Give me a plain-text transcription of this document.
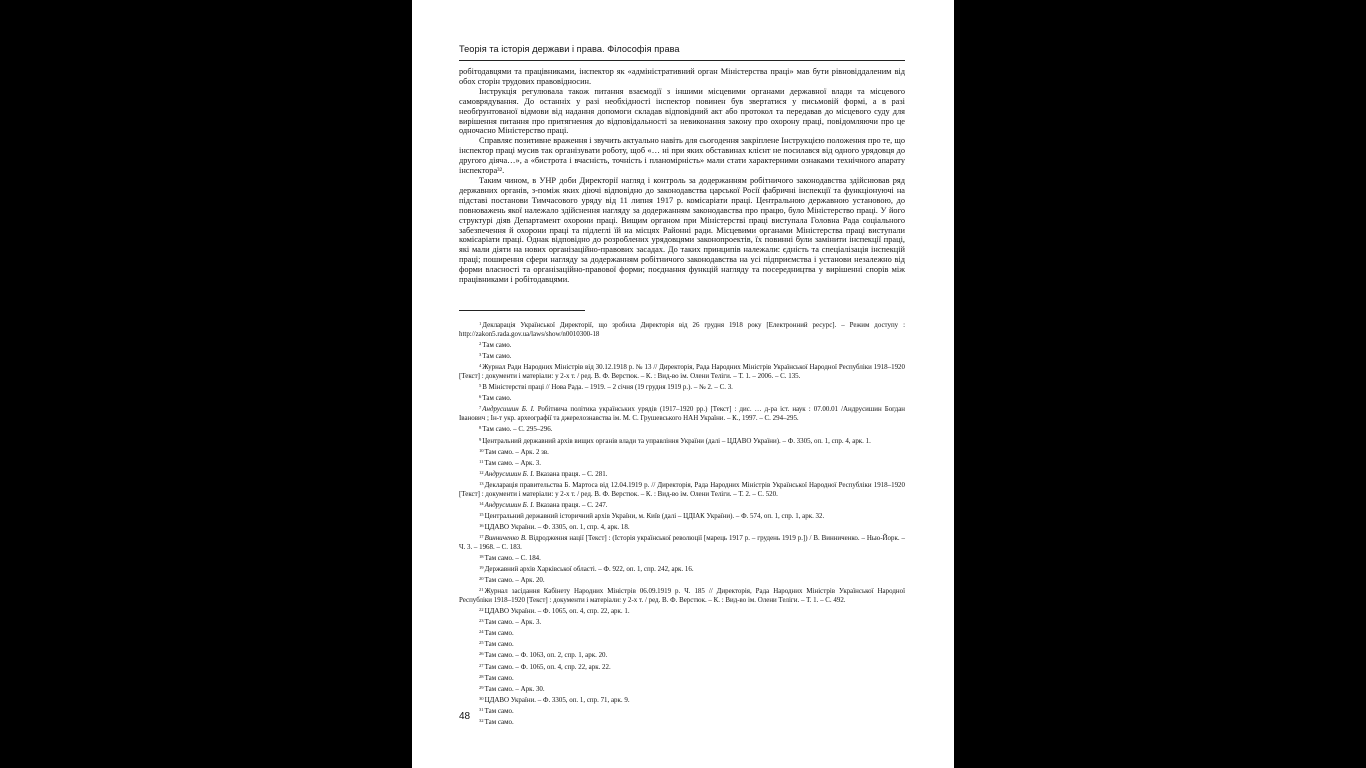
Теорія та історія держави і права. Філософія права

робітодавцями та працівниками, інспектор як «адміністративний орган Міністерства праці» мав бути рівновіддаленим від обох сторін трудових правовідносин.

Інструкція регулювала також питання взаємодії з іншими місцевими органами державної влади та місцевого самоврядування. До останніх у разі необхідності інспектор повинен був звертатися у письмовій формі, а в разі необґрунтованої відмови від надання допомоги складав відповідний акт або протокол та передавав до місцевого суду для вирішення питання про притягнення до відповідальності за невиконання закону про охорону праці, повідомляючи про це одночасно Міністерство праці.

Справляє позитивне враження і звучить актуально навіть для сьогодення закріплене Інструкцією положення про те, що інспектор праці мусив так організувати роботу, щоб «… ні при яких обставинах клієнт не посилався від одного урядовця до другого діяча…», а «бистрота і вчасність, точність і планомірність» мали стати характерними ознаками технічного апарату інспектора³².

Таким чином, в УНР доби Директорії нагляд і контроль за додержанням робітничого законодавства здійснював ряд державних органів, з-поміж яких діючі відповідно до законодавства царської Росії фабричні інспекції та функціонуючі на підставі постанови Тимчасового уряду від 11 липня 1917 р. комісаріати праці. Центральною державною установою, до повноважень якої належало здійснення нагляду за додержанням законодавства про працю, було Міністерство праці. У його структурі діяв Департамент охорони праці. Вищим органом при Міністерстві праці виступала Головна Рада соціального забезпечення й охорони праці та підлеглі їй на місцях Районні ради. Місцевими органами Міністерства праці виступали комісаріати праці. Однак відповідно до розроблених урядовцями законопроектів, їх повинні були замінити інспекції праці, які мали діяти на нових організаційно-правових засадах. До таких принципів належали: єдність та спеціалізація інспекцій праці; поширення сфери нагляду за додержанням робітничого законодавства на усі підприємства і установи незалежно від форми власності та організаційно-правової форми; поєднання функцій нагляду та посередництва у вирішенні спорів між працівниками і робітодавцями.

$^1$Декларація Української Директорії, що зробила Директорія від 26 грудня 1918 року [Електронний ресурс]. – Режим доступу : http://zakon5.rada.gov.ua/laws/show/n0010300-18

$^2$Там само.

$^3$Там само.

$^4$Журнал Ради Народних Міністрів від 30.12.1918 р. № 13 // Директорія, Рада Народних Міністрів Української Народної Республіки 1918–1920 [Текст] : документи і матеріали: у 2-х т. / ред. В. Ф. Верстюк. – К. : Вид-во ім. Олени Теліги. – Т. 1. – 2006. – С. 135.

$^5$В Міністерстві праці // Нова Рада. – 1919. – 2 січня (19 грудня 1919 р.). – № 2. – С. 3.

$^6$Там само.

$^7$Андрусишин Б. І. Робітнича політика українських урядів (1917–1920 рр.) [Текст] : дис. … д-ра іст. наук : 07.00.01 /Андрусишин Богдан Іванович ; Ін-т укр. археографії та джерелознавства ім. М. С. Грушевського НАН України. – К., 1997. – С. 294–295.

$^8$Там само. – С. 295–296.

$^9$Центральний державний архів вищих органів влади та управління України (далі – ЦДАВО України). – Ф. 3305, оп. 1, спр. 4, арк. 1.

$^{10}$Там само. – Арк. 2 зв.

$^{11}$Там само. – Арк. 3.

$^{12}$Андрусишин Б. І. Вказана праця. – С. 281.

$^{13}$Декларація правительства Б. Мартоса від 12.04.1919 р. // Директорія, Рада Народних Міністрів Української Народної Республіки 1918–1920 [Текст] : документи і матеріали: у 2-х т. / ред. В. Ф. Верстюк. – К. : Вид-во ім. Олени Теліги. – Т. 2. – С. 520.

$^{14}$Андрусишин Б. І. Вказана праця. – С. 247.

$^{15}$Центральний державний історичний архів України, м. Київ (далі – ЦДІАК України). – Ф. 574, оп. 1, спр. 1, арк. 32.

$^{16}$ЦДАВО України. – Ф. 3305, оп. 1, спр. 4, арк. 18.

$^{17}$Винниченко В. Відродження нації [Текст] : (Історія української революції [марець 1917 р. – грудень 1919 р.]) / В. Винниченко. – Нью-Йорк. – Ч. 3. – 1968. – С. 183.

$^{18}$Там само. – С. 184.

$^{19}$Державний архів Харківської області. – Ф. 922, оп. 1, спр. 242, арк. 16.

$^{20}$Там само. – Арк. 20.

$^{21}$Журнал засідання Кабінету Народних Міністрів 06.09.1919 р. Ч. 185 // Директорія, Рада Народних Міністрів Української Народної Республіки 1918–1920 [Текст] : документи і матеріали: у 2-х т. / ред. В. Ф. Верстюк. – К. : Вид-во ім. Олени Теліги. – Т. 1. – С. 492.

$^{22}$ЦДАВО України. – Ф. 1065, оп. 4, спр. 22, арк. 1.

$^{23}$Там само. – Арк. 3.

$^{24}$Там само.

$^{25}$Там само.

$^{26}$Там само. – Ф. 1063, оп. 2, спр. 1, арк. 20.

$^{27}$Там само. – Ф. 1065, оп. 4, спр. 22, арк. 22.

$^{28}$Там само.

$^{29}$Там само. – Арк. 30.

$^{30}$ЦДАВО України. – Ф. 3305, оп. 1, спр. 71, арк. 9.

$^{31}$Там само.

$^{32}$Там само.

48
